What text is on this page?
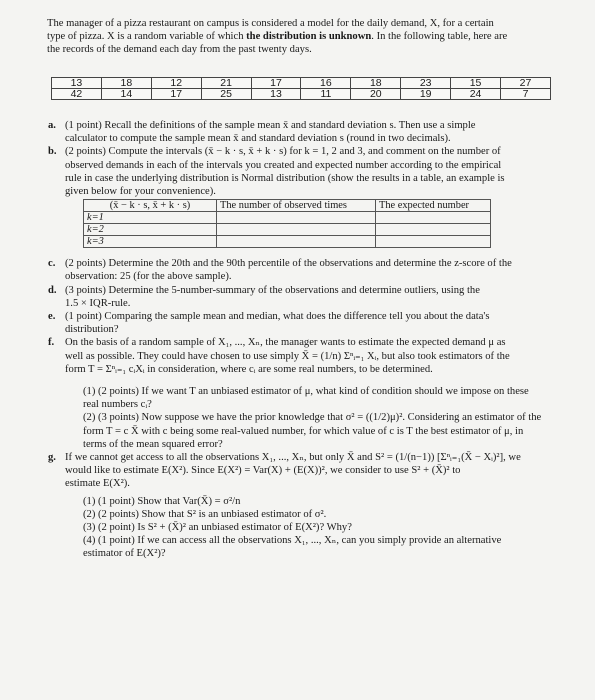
The manager of a pizza restaurant on campus is considered a model for the daily demand, X, for a certain

type of pizza. X is a random variable of which the distribution is unknown. In the following table, here are

the records of the demand each day from the past twenty days.

13	18	12	21	17	16	18	23	15	27
42	14	17	25	13	11	20	19	24	7
a. (1 point) Recall the definitions of the sample mean x̄ and standard deviation s. Then use a simple

calculator to compute the sample mean x̄ and standard deviation s (round in two decimals).

b. (2 points) Compute the intervals (x̄ − k · s, x̄ + k · s) for k = 1, 2 and 3, and comment on the number of

observed demands in each of the intervals you created and expected number according to the empirical

rule in case the underlying distribution is Normal distribution (show the results in a table, an example is

given below for your convenience).

(x̄ − k · s, x̄ + k · s)	The number of observed times	The expected number
k=1		
k=2		
k=3		
c. (2 points) Determine the 20th and the 90th percentile of the observations and determine the z-score of the

observation: 25 (for the above sample).

d. (3 points) Determine the 5-number-summary of the observations and determine outliers, using the

1.5 × IQR-rule.

e. (1 point) Comparing the sample mean and median, what does the difference tell you about the data's

distribution?

f. On the basis of a random sample of X₁, ..., Xₙ, the manager wants to estimate the expected demand μ as

well as possible. They could have chosen to use simply X̄ = (1/n) Σⁿᵢ₌₁ Xᵢ, but also took estimators of the

form T = Σⁿᵢ₌₁ cᵢXᵢ in consideration, where cᵢ are some real numbers, to be determined.

(1) (2 points) If we want T an unbiased estimator of μ, what kind of condition should we impose on these

real numbers cᵢ?

(2) (3 points) Now suppose we have the prior knowledge that σ² = ((1/2)μ)². Considering an estimator of the

form T = c X̄ with c being some real-valued number, for which value of c is T the best estimator of μ, in

terms of the mean squared error?

g. If we cannot get access to all the observations X₁, ..., Xₙ, but only X̄ and S² = (1/(n−1)) [Σⁿᵢ₌₁(X̄ − Xᵢ)²], we

would like to estimate E(X²). Since E(X²) = Var(X) + (E(X))², we consider to use S² + (X̄)² to

estimate E(X²).

(1) (1 point) Show that Var(X̄) = σ²/n

(2) (2 points) Show that S² is an unbiased estimator of σ².

(3) (2 point) Is S² + (X̄)² an unbiased estimator of E(X²)? Why?

(4) (1 point) If we can access all the observations X₁, ..., Xₙ, can you simply provide an alternative

estimator of E(X²)?
